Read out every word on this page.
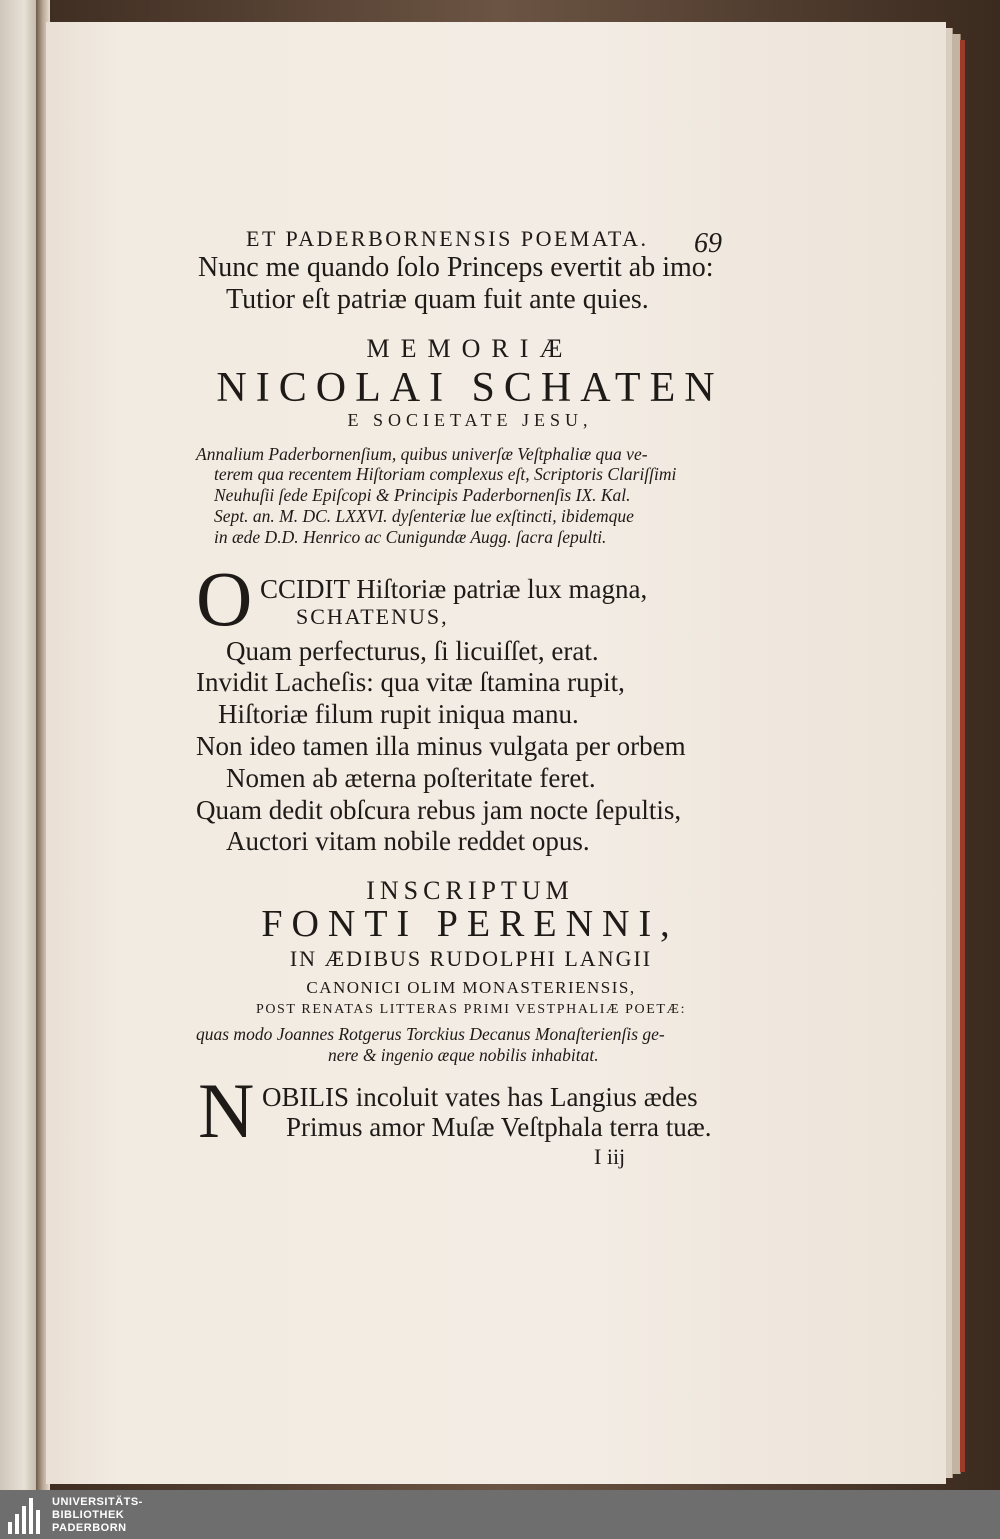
ET PADERBORNENSIS POEMATA. 69
Nunc me quando ſolo Princeps evertit ab imo:
Tutior eſt patriæ quam fuit ante quies.
MEMORIÆ
NICOLAI SCHATEN
E SOCIETATE JESU,
Annalium Paderbornenſium, quibus univerſæ Veſtphaliæ qua ve-
terem qua recentem Hiſtoriam complexus eſt, Scriptoris Clariſſimi
Neuhuſii ſede Epiſcopi & Principis Paderbornenſis IX. Kal.
Sept. an. M. DC. LXXVI. dyſenteriæ lue exſtincti, ibidemque
in æde D.D. Henrico ac Cunigundæ Augg. ſacra ſepulti.
O CCIDIT Hiſtoriæ patriæ lux magna,
SCHATENUS,
Quam perfecturus, ſi licuiſſet, erat.
Invidit Lacheſis: qua vitæ ſtamina rupit,
Hiſtoriæ filum rupit iniqua manu.
Non ideo tamen illa minus vulgata per orbem
Nomen ab æterna poſteritate feret.
Quam dedit obſcura rebus jam nocte ſepultis,
Auctori vitam nobile reddet opus.
INSCRIPTUM
FONTI PERENNI,
IN ÆDIBUS RUDOLPHI LANGII
CANONICI OLIM MONASTERIENSIS,
POST RENATAS LITTERAS PRIMI VESTPHALIÆ POETÆ:
quas modo Joannes Rotgerus Torckius Decanus Monaſterienſis ge-
nere & ingenio æque nobilis inhabitat.
N OBILIS incoluit vates has Langius ædes
Primus amor Muſæ Veſtphala terra tuæ.
I iij
UNIVERSITÄTS-
BIBLIOTHEK
PADERBORN
